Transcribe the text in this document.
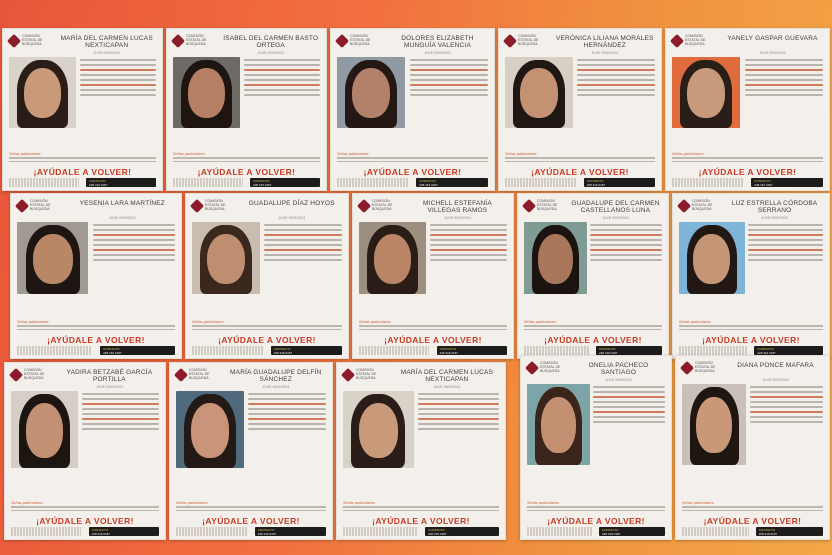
COMISIÓN ESTATAL DE BÚSQUEDA
MARÍA DEL CARMEN LUCAS NEXTICAPAN
JUVE 0000/2024
Señas particulares:
¡AYÚDALE A VOLVER!
CONTACTO
228 319 0187
COMISIÓN ESTATAL DE BÚSQUEDA
ISABEL DEL CARMEN BASTO ORTEGA
JUVE 0000/2024
Señas particulares:
¡AYÚDALE A VOLVER!
CONTACTO
228 319 0187
COMISIÓN ESTATAL DE BÚSQUEDA
DOLORES ELIZABETH MUNGUÍA VALENCIA
JUVE 0000/2024
Señas particulares:
¡AYÚDALE A VOLVER!
CONTACTO
228 319 0187
COMISIÓN ESTATAL DE BÚSQUEDA
VERÓNICA LILIANA MORALES HERNÁNDEZ
JUVE 0000/2024
Señas particulares:
¡AYÚDALE A VOLVER!
CONTACTO
228 319 0187
COMISIÓN ESTATAL DE BÚSQUEDA
YANELY GASPAR GUEVARA
JUVE 0000/2024
Señas particulares:
¡AYÚDALE A VOLVER!
CONTACTO
228 319 0187
COMISIÓN ESTATAL DE BÚSQUEDA
YESENIA LARA MARTÍNEZ
JUVE 0000/2024
Señas particulares:
¡AYÚDALE A VOLVER!
CONTACTO
228 319 0187
COMISIÓN ESTATAL DE BÚSQUEDA
GUADALUPE DÍAZ HOYOS
JUVE 0000/2024
Señas particulares:
¡AYÚDALE A VOLVER!
CONTACTO
228 319 0187
COMISIÓN ESTATAL DE BÚSQUEDA
MICHELL ESTEFANÍA VILLEGAS RAMOS
JUVE 0000/2024
Señas particulares:
¡AYÚDALE A VOLVER!
CONTACTO
228 319 0187
COMISIÓN ESTATAL DE BÚSQUEDA
GUADALUPE DEL CARMEN CASTELLANOS LUNA
JUVE 0000/2024
Señas particulares:
¡AYÚDALE A VOLVER!
CONTACTO
228 319 0187
COMISIÓN ESTATAL DE BÚSQUEDA
LUZ ESTRELLA CÓRDOBA SERRANO
JUVE 0000/2024
Señas particulares:
¡AYÚDALE A VOLVER!
CONTACTO
228 319 0187
COMISIÓN ESTATAL DE BÚSQUEDA
YADIRA BETZABÉ GARCÍA PORTILLA
JUVE 0000/2024
Señas particulares:
¡AYÚDALE A VOLVER!
CONTACTO
228 319 0187
COMISIÓN ESTATAL DE BÚSQUEDA
MARÍA GUADALUPE DELFÍN SÁNCHEZ
JUVE 0000/2024
Señas particulares:
¡AYÚDALE A VOLVER!
CONTACTO
228 319 0187
COMISIÓN ESTATAL DE BÚSQUEDA
MARÍA DEL CARMEN LUCAS NEXTICAPAN
JUVE 0000/2024
Señas particulares:
¡AYÚDALE A VOLVER!
CONTACTO
228 319 0187
COMISIÓN ESTATAL DE BÚSQUEDA
ONELIA PACHECO SANTIAGO
JUVE 0000/2024
Señas particulares:
¡AYÚDALE A VOLVER!
CONTACTO
228 319 0187
COMISIÓN ESTATAL DE BÚSQUEDA
DIANA PONCE MAFARA
JUVE 0000/2024
Señas particulares:
¡AYÚDALE A VOLVER!
CONTACTO
228 319 0187
